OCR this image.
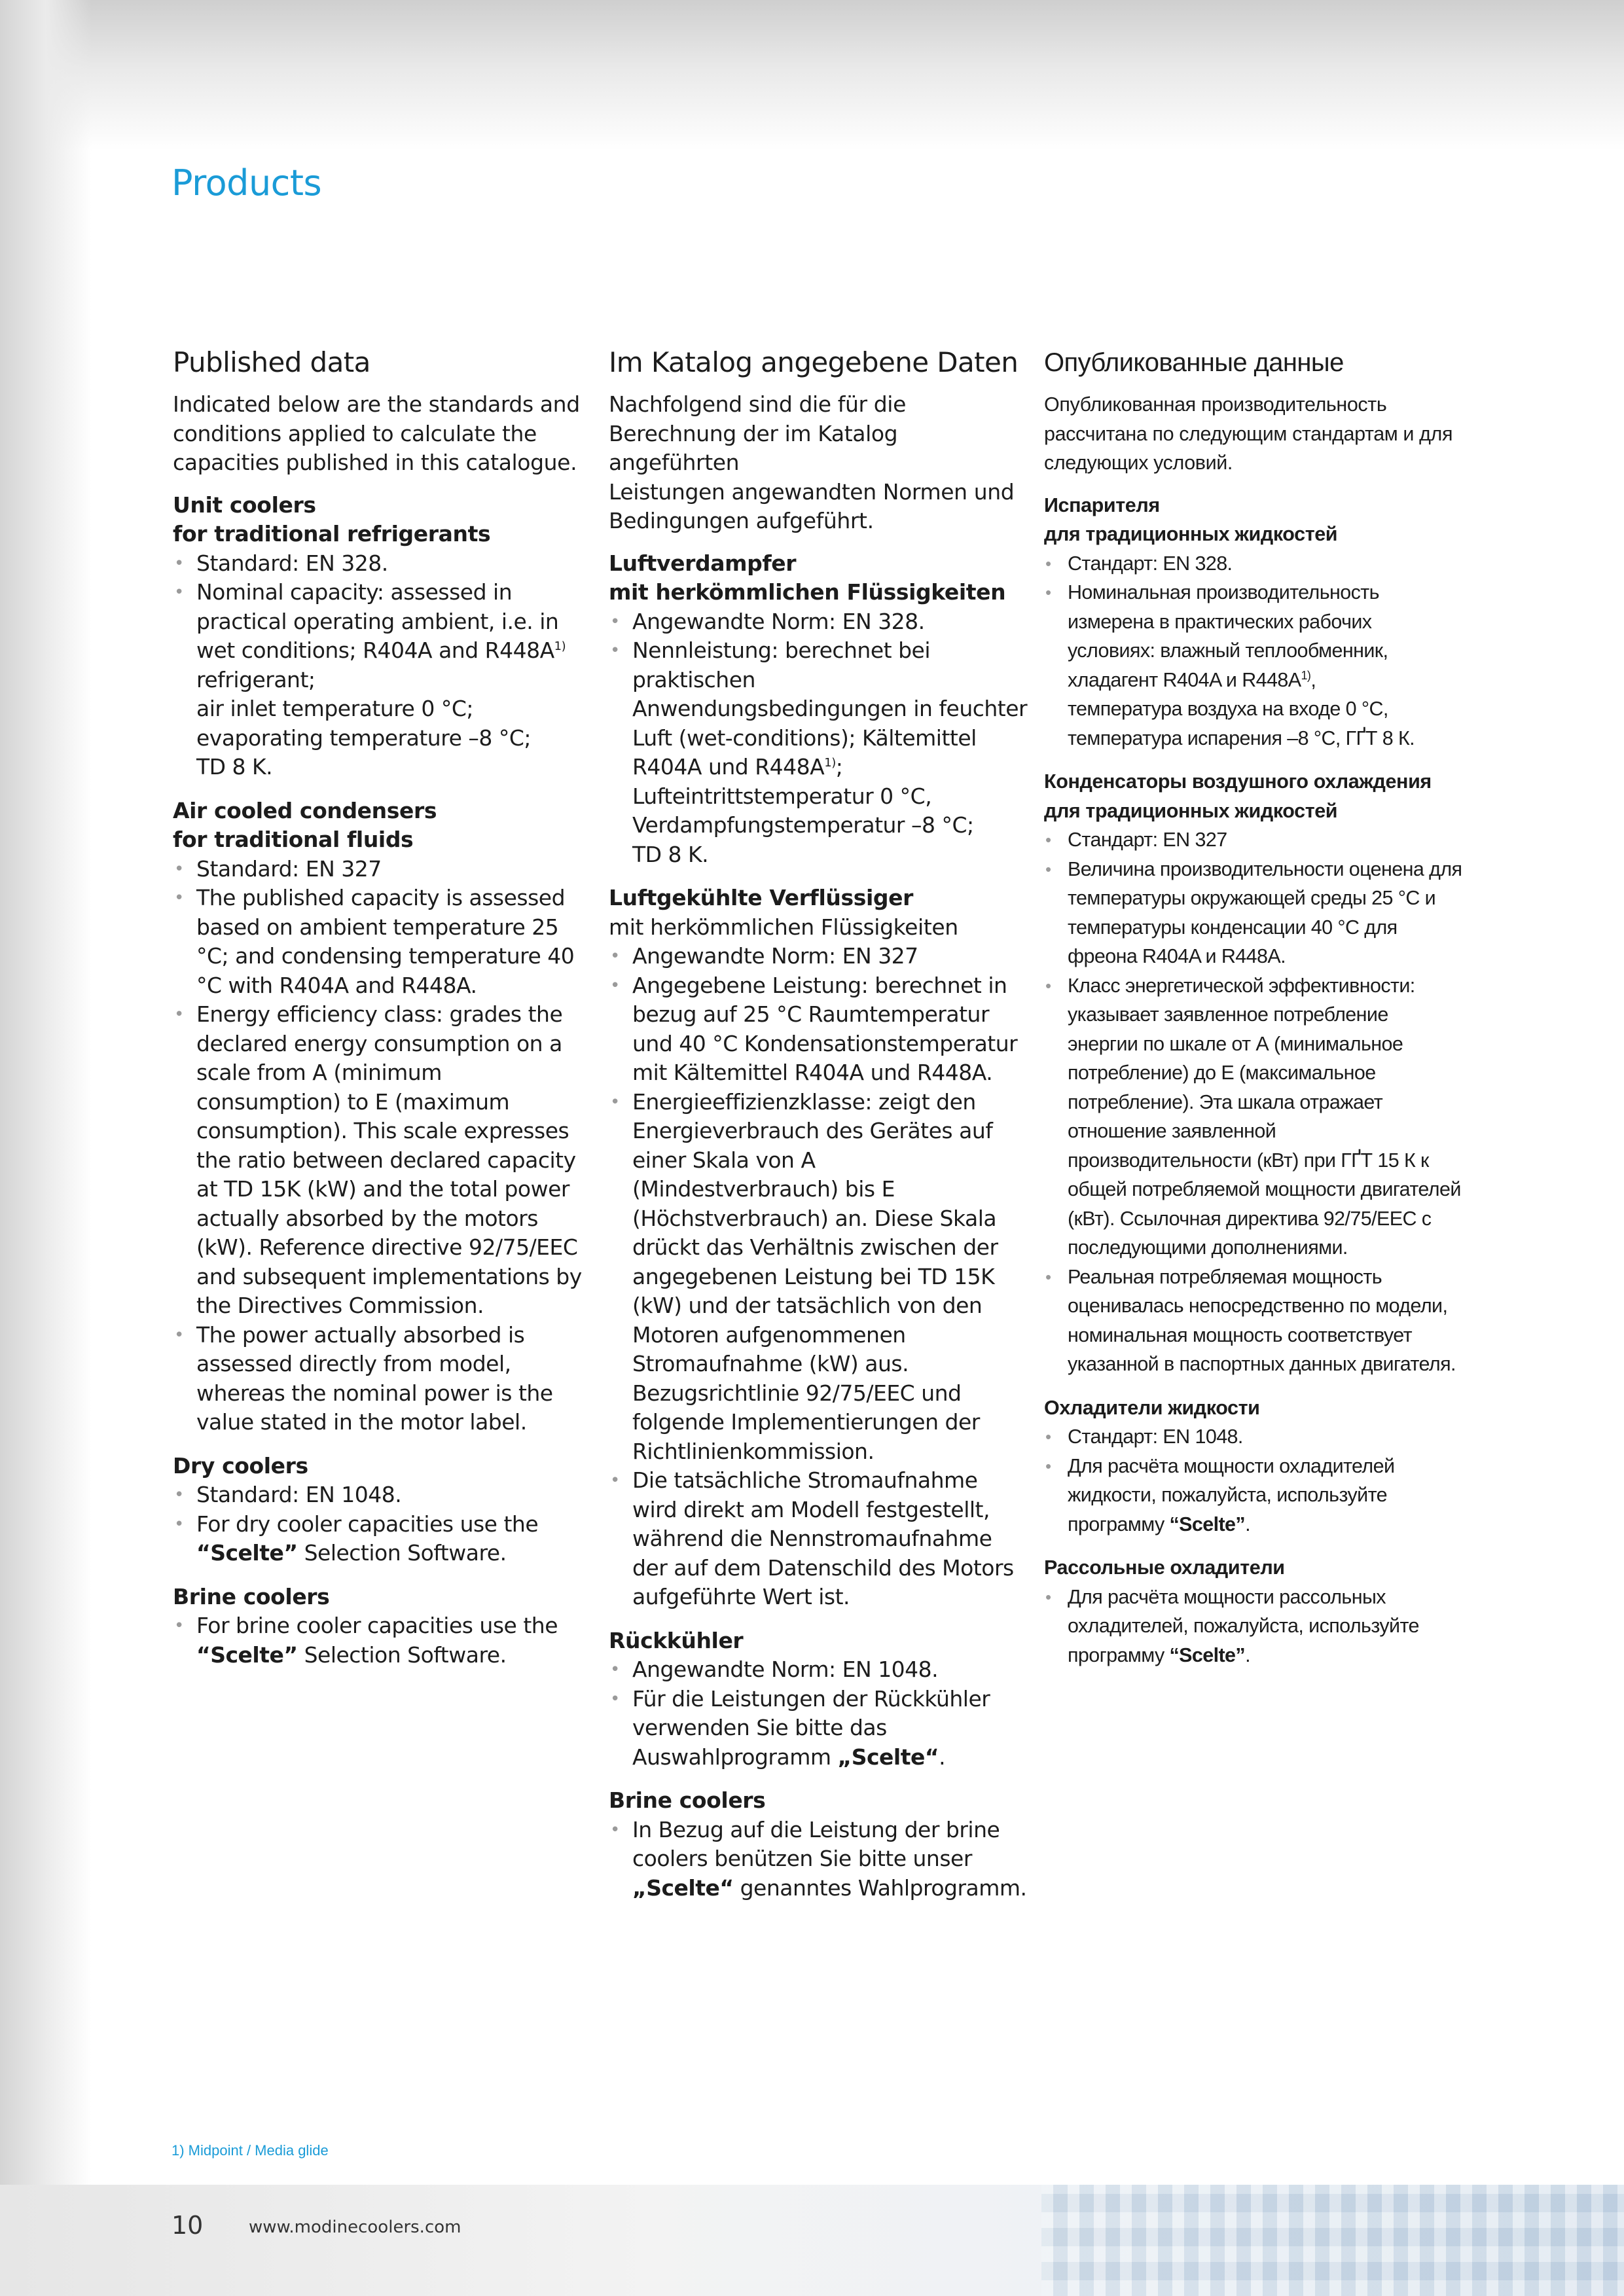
Products
Published data

Indicated below are the standards and conditions applied to calculate the capacities published in this catalogue.

Unit coolers
for traditional refrigerants
• Standard: EN 328.
• Nominal capacity: assessed in practical operating ambient, i.e. in wet conditions; R404A and $R448A^{1)}$ refrigerant;
air inlet temperature 0 °C;
evaporating temperature –8 °C;
TD 8 K.
Air cooled condensers
for traditional fluids
• Standard: EN 327
• The published capacity is assessed based on ambient temperature 25 °C; and condensing temperature 40 °C with R404A and R448A.
• Energy efficiency class: grades the declared energy consumption on a scale from A (minimum consumption) to E (maximum consumption). This scale expresses the ratio between declared capacity at TD 15K (kW) and the total power actually absorbed by the motors (kW). Reference directive 92/75/EEC and subsequent implementations by the Directives Commission.
• The power actually absorbed is assessed directly from model, whereas the nominal power is the value stated in the motor label.
Dry coolers
• Standard: EN 1048.
• For dry cooler capacities use the “Scelte” Selection Software.
Brine coolers
• For brine cooler capacities use the “Scelte” Selection Software.
Im Katalog angegebene Daten

Nachfolgend sind die für die Berechnung der im Katalog angeführten
Leistungen angewandten Normen und Bedingungen aufgeführt.

Luftverdampfer
mit herkömmlichen Flüssigkeiten
• Angewandte Norm: EN 328.
• Nennleistung: berechnet bei praktischen Anwendungsbedingungen in feuchter Luft (wet-conditions); Kältemittel R404A und $R448A^{1)}$;
Lufteintrittstemperatur 0 °C,
Verdampfungstemperatur –8 °C;
TD 8 K.
Luftgekühlte Verflüssiger
mit herkömmlichen Flüssigkeiten
• Angewandte Norm: EN 327
• Angegebene Leistung: berechnet in bezug auf 25 °C Raumtemperatur und 40 °C Kondensationstemperatur mit Kältemittel R404A und R448A.
• Energieeffizienzklasse: zeigt den Energieverbrauch des Gerätes auf einer Skala von A (Mindestverbrauch) bis E (Höchstverbrauch) an. Diese Skala drückt das Verhältnis zwischen der angegebenen Leistung bei TD 15K (kW) und der tatsächlich von den Motoren aufgenommenen Stromaufnahme (kW) aus. Bezugsrichtlinie 92/75/EEC und folgende Implementierungen der Richtlinienkommission.
• Die tatsächliche Stromaufnahme wird direkt am Modell festgestellt, während die Nennstromaufnahme der auf dem Datenschild des Motors aufgeführte Wert ist.
Rückkühler
• Angewandte Norm: EN 1048.
• Für die Leistungen der Rückkühler verwenden Sie bitte das Auswahlprogramm „Scelte“.
Brine coolers
• In Bezug auf die Leistung der brine coolers benützen Sie bitte unser „Scelte“ genanntes Wahlprogramm.
Опубликованные данные

Опубликованная производительность рассчитана по следующим стандартам и для следующих условий.

Испарителя
для традиционных жидкостей
• Стандарт: EN 328.
• Номинальная производительность измерена в практических рабочих условиях: влажный теплообменник, хладагент R404A и $R448A^{1)}$,
температура воздуха на входе 0 °С,
температура испарения –8 °С, ГҐТ 8 К.
Конденсаторы воздушного охлаждения
для традиционных жидкостей
• Стандарт: EN 327
• Величина производительности оценена для температуры окружающей среды 25 °С и температуры конденсации 40 °С для фреона R404A и R448A.
• Класс энергетической эффективности: указывает заявленное потребление энергии по шкале от А (минимальное потребление) до Е (максимальное потребление). Эта шкала отражает отношение заявленной производительности (кВт) при ГҐТ 15 К к общей потребляемой мощности двигателей (кВт). Ссылочная директива 92/75/EEC с последующими дополнениями.
• Реальная потребляемая мощность оценивалась непосредственно по модели, номинальная мощность соответствует указанной в паспортных данных двигателя.
Охладители жидкости
• Стандарт: EN 1048.
• Для расчёта мощности охладителей жидкости, пожалуйста, используйте программу “Scelte”.
Рассольные охладители
• Для расчёта мощности рассольных охладителей, пожалуйста, используйте программу “Scelte”.

1) Midpoint / Media glide

10	www.modinecoolers.com
